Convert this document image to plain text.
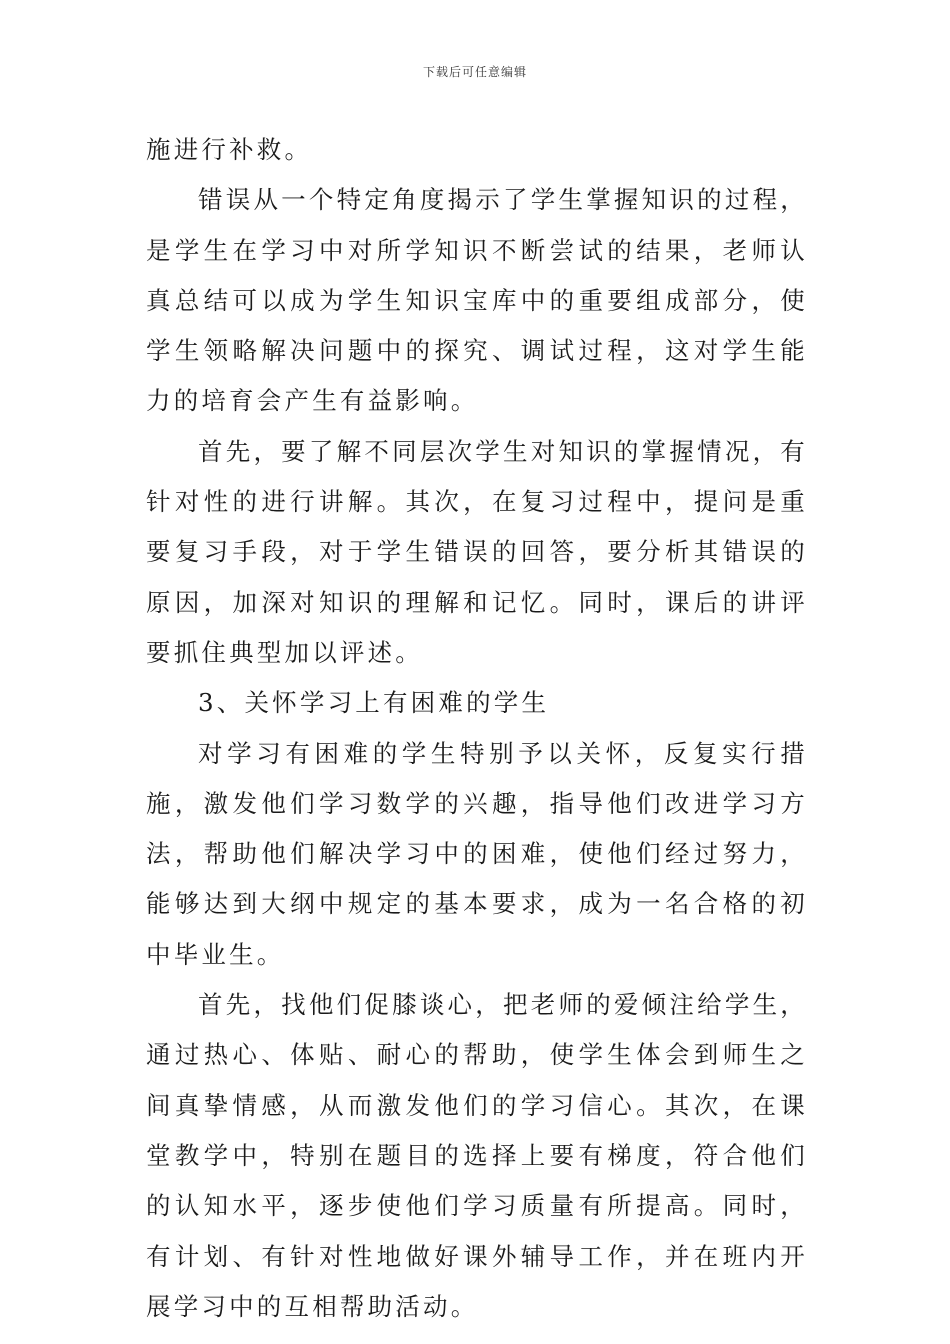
下载后可任意编辑

施进行补救。

错误从一个特定角度揭示了学生掌握知识的过程，是学生在学习中对所学知识不断尝试的结果，老师认真总结可以成为学生知识宝库中的重要组成部分，使学生领略解决问题中的探究、调试过程，这对学生能力的培育会产生有益影响。

首先，要了解不同层次学生对知识的掌握情况，有针对性的进行讲解。其次，在复习过程中，提问是重要复习手段，对于学生错误的回答，要分析其错误的原因，加深对知识的理解和记忆。同时，课后的讲评要抓住典型加以评述。

3、关怀学习上有困难的学生

对学习有困难的学生特别予以关怀，反复实行措施，激发他们学习数学的兴趣，指导他们改进学习方法，帮助他们解决学习中的困难，使他们经过努力，能够达到大纲中规定的基本要求，成为一名合格的初中毕业生。

首先，找他们促膝谈心，把老师的爱倾注给学生，通过热心、体贴、耐心的帮助，使学生体会到师生之间真挚情感，从而激发他们的学习信心。其次，在课堂教学中，特别在题目的选择上要有梯度，符合他们的认知水平，逐步使他们学习质量有所提高。同时，有计划、有针对性地做好课外辅导工作，并在班内开展学习中的互相帮助活动。
